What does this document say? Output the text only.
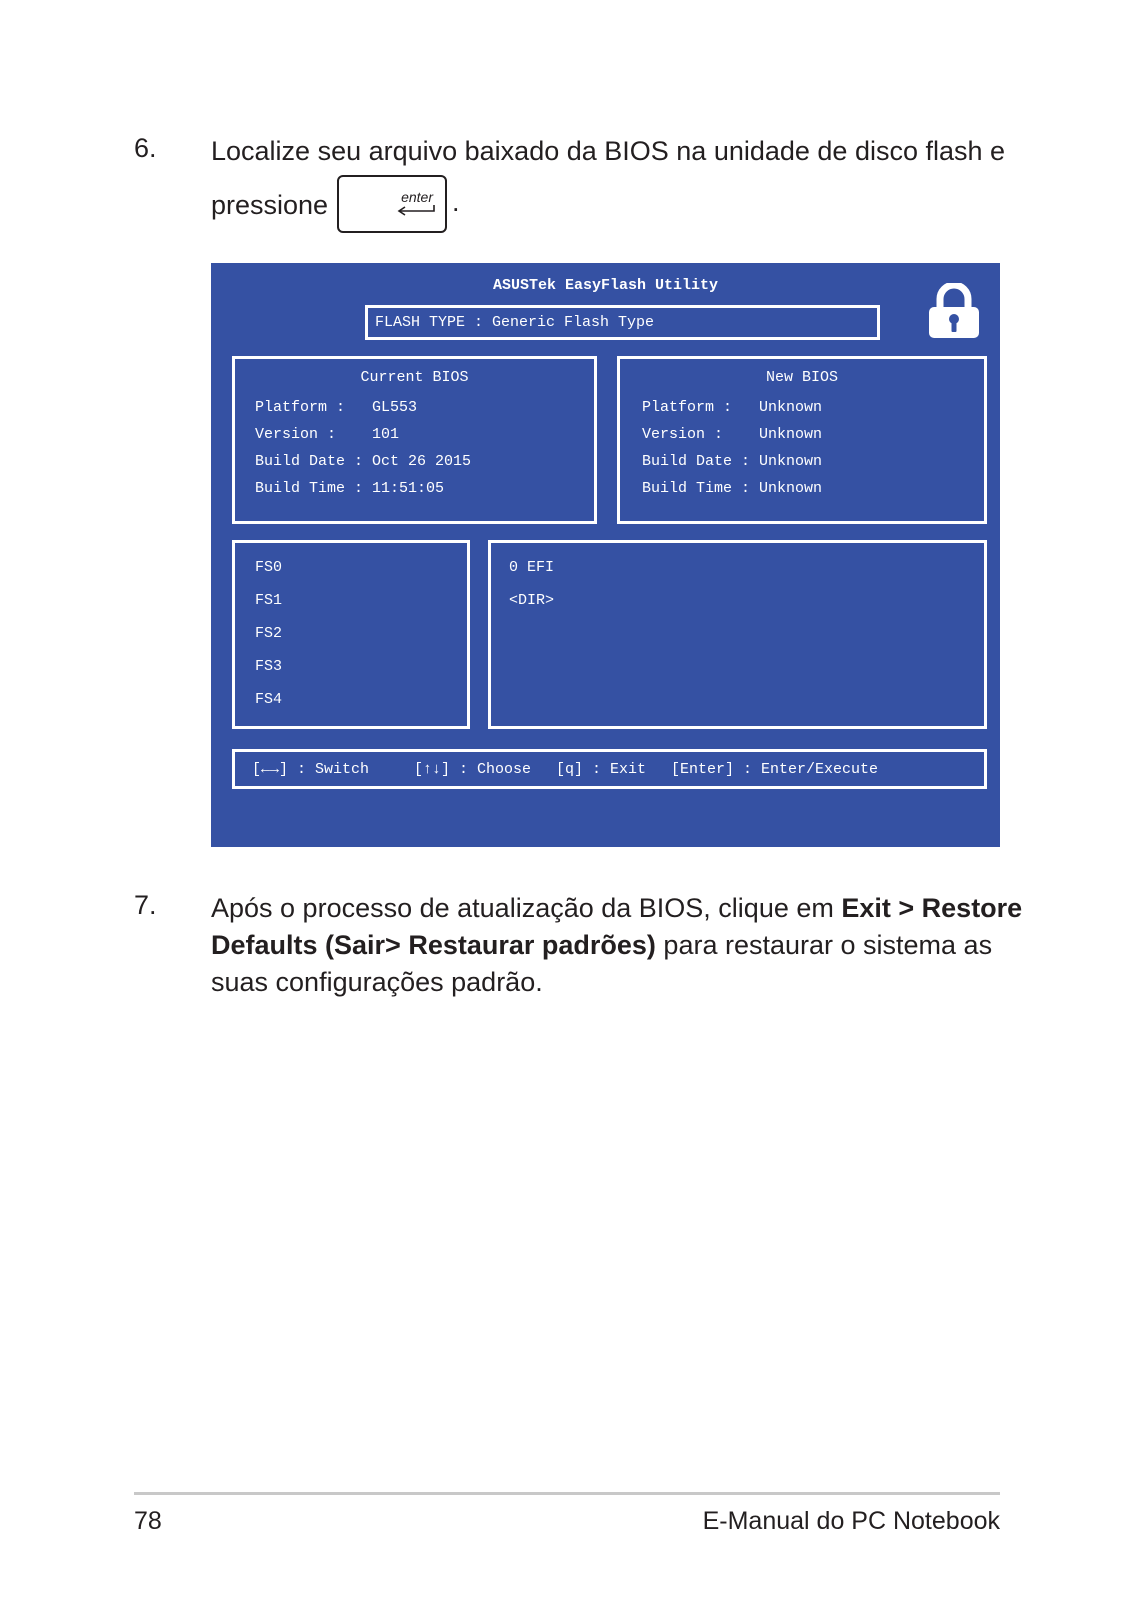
6. Localize seu arquivo baixado da BIOS na unidade de disco flash e
pressione	enter .
ASUSTek EasyFlash Utility
FLASH TYPE : Generic Flash Type
Current BIOS
Platform :   GL553
Version :    101
Build Date : Oct 26 2015
Build Time : 11:51:05
New BIOS
Platform :   Unknown
Version :    Unknown
Build Date : Unknown
Build Time : Unknown
FS0
FS1
FS2
FS3
FS4
0 EFI
<DIR>
[←→] : Switch	[↑↓] : Choose [q] : Exit [Enter] : Enter/Execute
7. Após o processo de atualização da BIOS, clique em Exit > Restore
Defaults (Sair> Restaurar padrões) para restaurar o sistema as
suas configurações padrão.
78	E-Manual do PC Notebook
